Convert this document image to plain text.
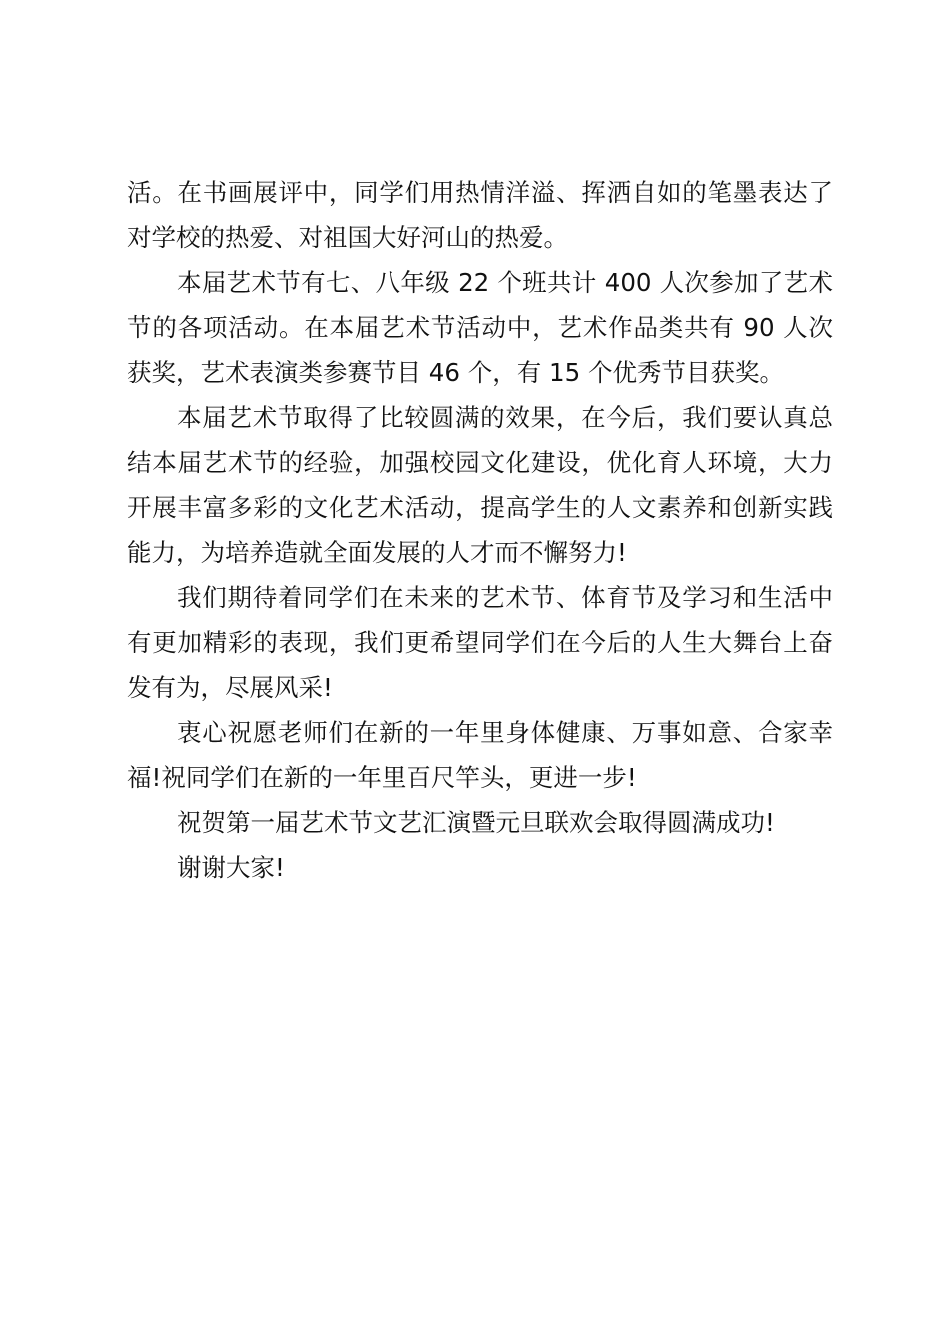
活。在书画展评中，同学们用热情洋溢、挥洒自如的笔墨表达了对学校的热爱、对祖国大好河山的热爱。

本届艺术节有七、八年级 22 个班共计 400 人次参加了艺术节的各项活动。在本届艺术节活动中，艺术作品类共有 90 人次获奖，艺术表演类参赛节目 46 个，有 15 个优秀节目获奖。

本届艺术节取得了比较圆满的效果，在今后，我们要认真总结本届艺术节的经验，加强校园文化建设，优化育人环境，大力开展丰富多彩的文化艺术活动，提高学生的人文素养和创新实践能力，为培养造就全面发展的人才而不懈努力!

我们期待着同学们在未来的艺术节、体育节及学习和生活中有更加精彩的表现，我们更希望同学们在今后的人生大舞台上奋发有为，尽展风采!

衷心祝愿老师们在新的一年里身体健康、万事如意、合家幸福!祝同学们在新的一年里百尺竿头，更进一步!

祝贺第一届艺术节文艺汇演暨元旦联欢会取得圆满成功!

谢谢大家!
